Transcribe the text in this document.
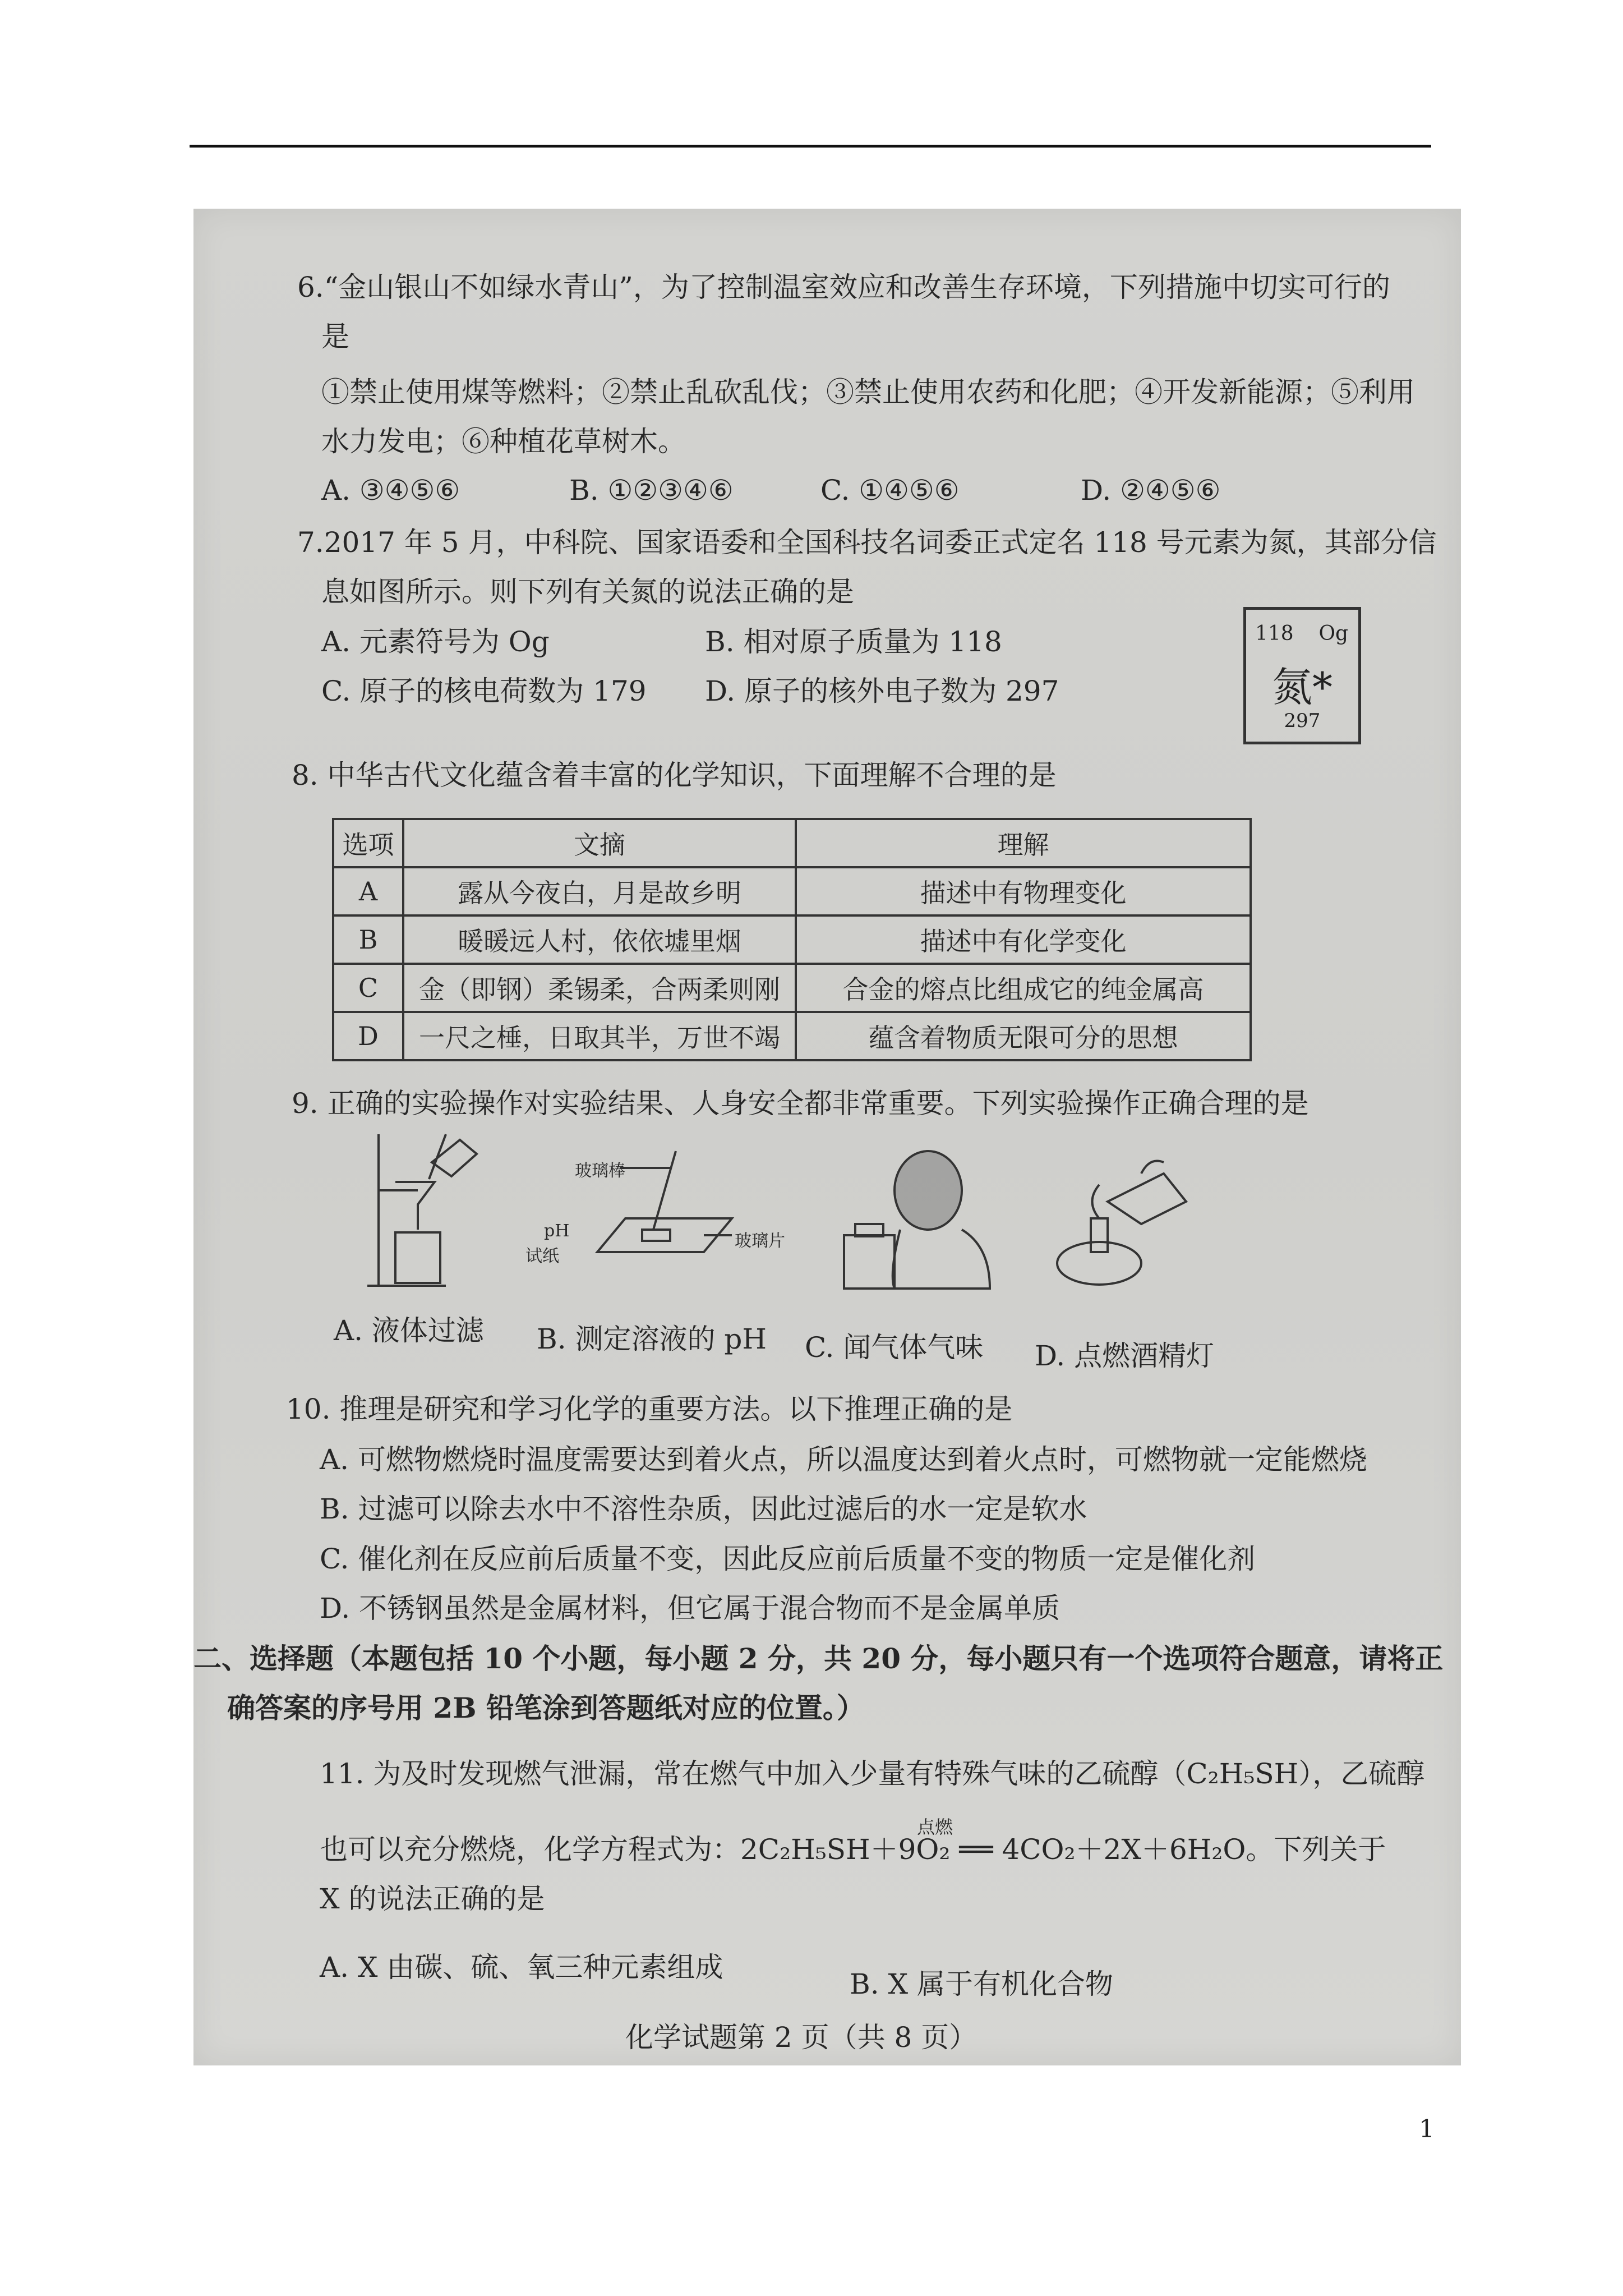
6.“金山银山不如绿水青山”，为了控制温室效应和改善生存环境，下列措施中切实可行的
是
①禁止使用煤等燃料；②禁止乱砍乱伐；③禁止使用农药和化肥；④开发新能源；⑤利用
水力发电；⑥种植花草树木。
A. ③④⑤⑥	B. ①②③④⑥	C. ①④⑤⑥	D. ②④⑤⑥
7.2017 年 5 月，中科院、国家语委和全国科技名词委正式定名 118 号元素为氮，其部分信
息如图所示。则下列有关氮的说法正确的是
A. 元素符号为 Og	B. 相对原子质量为 118
C. 原子的核电荷数为 179 D. 原子的核外电子数为 297
118 Og
氮*
297
8. 中华古代文化蕴含着丰富的化学知识，下面理解不合理的是
选项	文摘	理解
A	露从今夜白，月是故乡明	描述中有物理变化
B	暖暖远人村，依依墟里烟	描述中有化学变化
C	金（即钢）柔锡柔，合两柔则刚	合金的熔点比组成它的纯金属高
D	一尺之棰，日取其半，万世不竭	蕴含着物质无限可分的思想
9. 正确的实验操作对实验结果、人身安全都非常重要。下列实验操作正确合理的是
玻璃棒
pH
试纸
玻璃片
A. 液体过滤 B. 测定溶液的 pH C. 闻气体气味 D. 点燃酒精灯
10. 推理是研究和学习化学的重要方法。以下推理正确的是
A. 可燃物燃烧时温度需要达到着火点，所以温度达到着火点时，可燃物就一定能燃烧
B. 过滤可以除去水中不溶性杂质，因此过滤后的水一定是软水
C. 催化剂在反应前后质量不变，因此反应前后质量不变的物质一定是催化剂
D. 不锈钢虽然是金属材料，但它属于混合物而不是金属单质
二、选择题（本题包括 10 个小题，每小题 2 分，共 20 分，每小题只有一个选项符合题意，请将正
确答案的序号用 2B 铅笔涂到答题纸对应的位置。）
11. 为及时发现燃气泄漏，常在燃气中加入少量有特殊气味的乙硫醇（C₂H₅SH），乙硫醇
点燃
也可以充分燃烧，化学方程式为：2C₂H₅SH＋9O₂ ══ 4CO₂＋2X＋6H₂O。下列关于
X 的说法正确的是
A. X 由碳、硫、氧三种元素组成
B. X 属于有机化合物
化学试题第 2 页（共 8 页）
1
